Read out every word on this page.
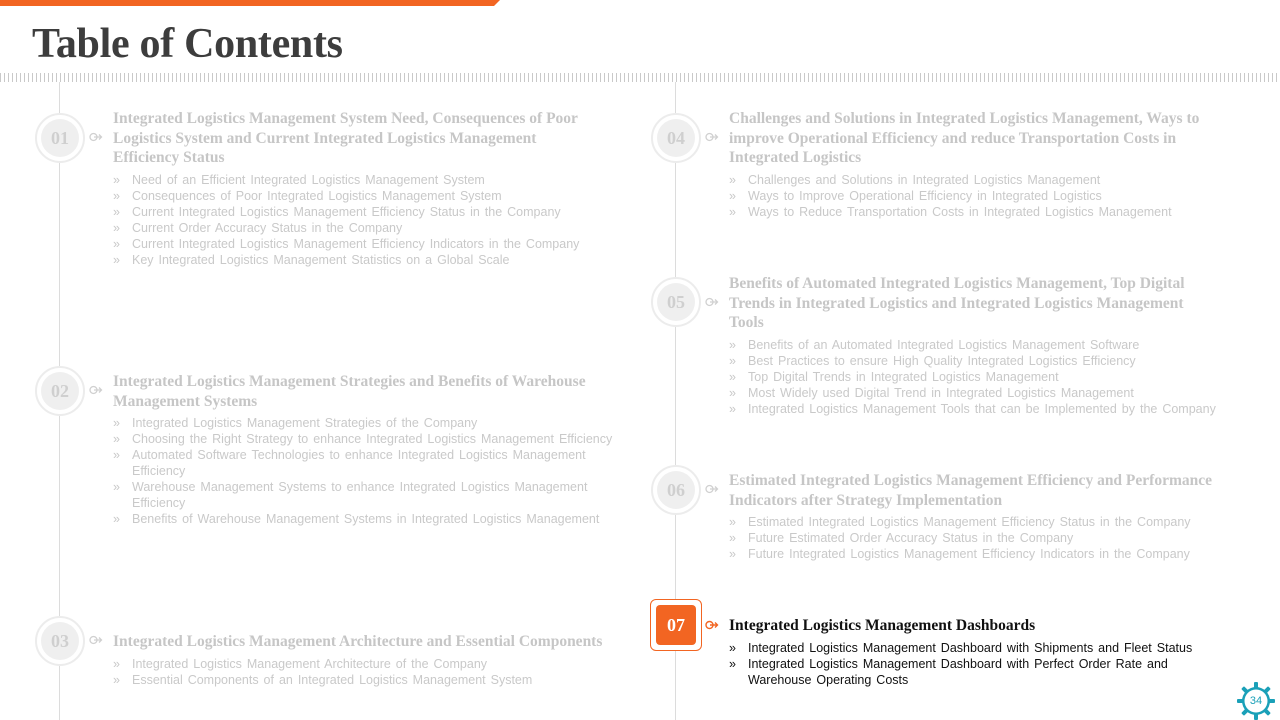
Table of Contents
01
Integrated Logistics Management System Need, Consequences of Poor Logistics System and Current Integrated Logistics Management Efficiency Status
» Need of an Efficient Integrated Logistics Management System
» Consequences of Poor Integrated Logistics Management System
» Current Integrated Logistics Management Efficiency Status in the Company
» Current Order Accuracy Status in the Company
» Current Integrated Logistics Management Efficiency Indicators in the Company
» Key Integrated Logistics Management Statistics on a Global Scale
02	Integrated Logistics Management Strategies and Benefits of Warehouse Management Systems
» Integrated Logistics Management Strategies of the Company
» Choosing the Right Strategy to enhance Integrated Logistics Management Efficiency
» Automated Software Technologies to enhance Integrated Logistics Management Efficiency
» Warehouse Management Systems to enhance Integrated Logistics Management Efficiency
» Benefits of Warehouse Management Systems in Integrated Logistics Management
03	Integrated Logistics Management Architecture and Essential Components
» Integrated Logistics Management Architecture of the Company
» Essential Components of an Integrated Logistics Management System
04
Challenges and Solutions in Integrated Logistics Management, Ways to improve Operational Efficiency and reduce Transportation Costs in Integrated Logistics
» Challenges and Solutions in Integrated Logistics Management
» Ways to Improve Operational Efficiency in Integrated Logistics
» Ways to Reduce Transportation Costs in Integrated Logistics Management
05
Benefits of Automated Integrated Logistics Management, Top Digital Trends in Integrated Logistics and Integrated Logistics Management Tools
» Benefits of an Automated Integrated Logistics Management Software
» Best Practices to ensure High Quality Integrated Logistics Efficiency
» Top Digital Trends in Integrated Logistics Management
» Most Widely used Digital Trend in Integrated Logistics Management
» Integrated Logistics Management Tools that can be Implemented by the Company
06	Estimated Integrated Logistics Management Efficiency and Performance Indicators after Strategy Implementation
» Estimated Integrated Logistics Management Efficiency Status in the Company
» Future Estimated Order Accuracy Status in the Company
» Future Integrated Logistics Management Efficiency Indicators in the Company
07	Integrated Logistics Management Dashboards
» Integrated Logistics Management Dashboard with Shipments and Fleet Status
» Integrated Logistics Management Dashboard with Perfect Order Rate and Warehouse Operating Costs
34
